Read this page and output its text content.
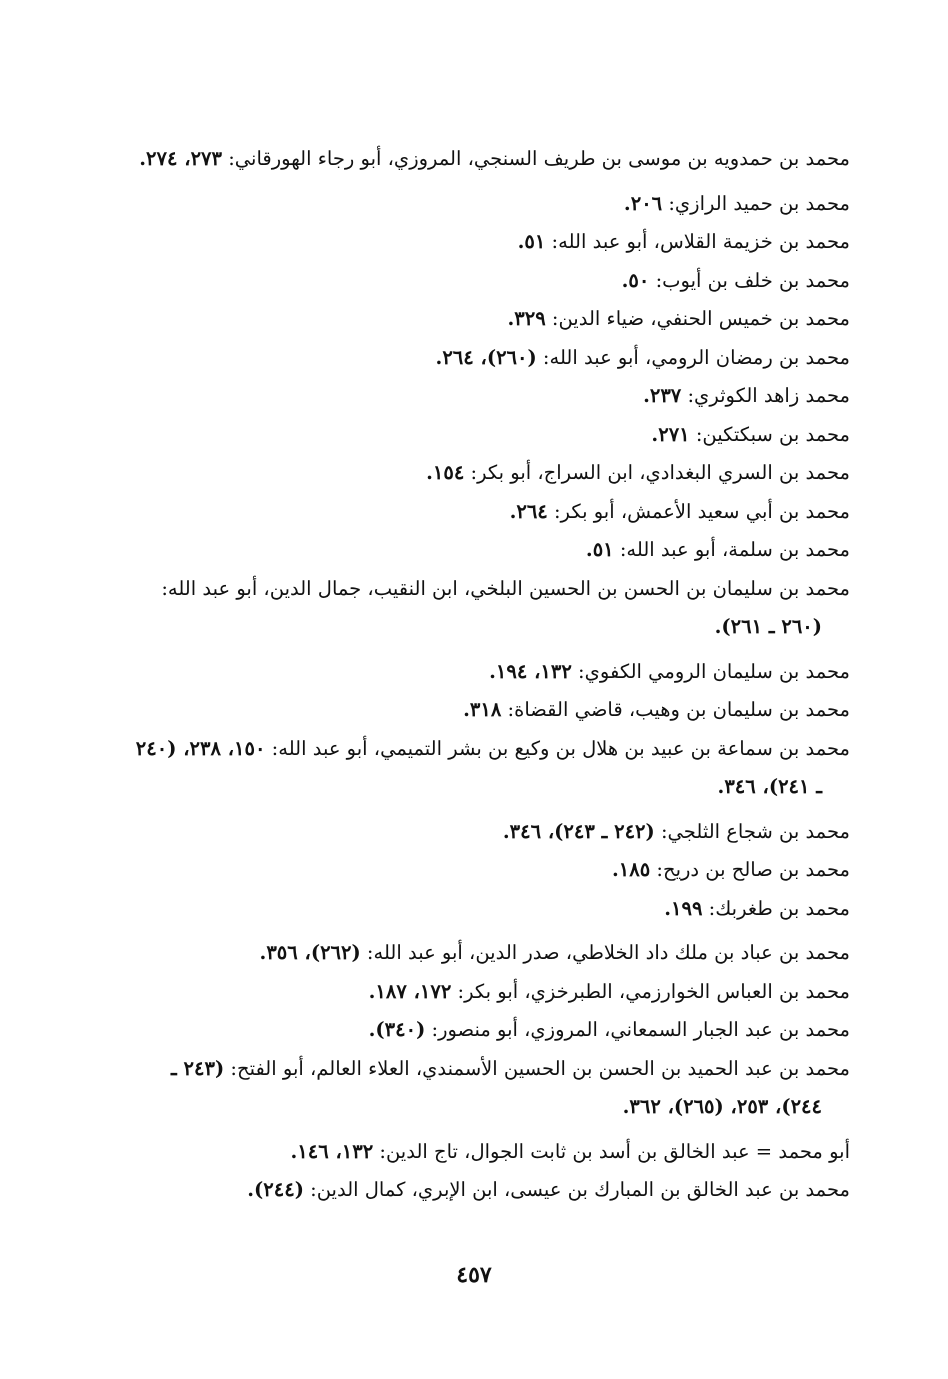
محمد بن حمدويه بن موسى بن طريف السنجي، المروزي، أبو رجاء الهورقاني: ٢٧٣، ٢٧٤.

محمد بن حميد الرازي: ٢٠٦.

محمد بن خزيمة القلاس، أبو عبد الله: ٥١.

محمد بن خلف بن أيوب: ٥٠.

محمد بن خميس الحنفي، ضياء الدين: ٣٢٩.

محمد بن رمضان الرومي، أبو عبد الله: (٢٦٠)، ٢٦٤.

محمد زاهد الكوثري: ٢٣٧.

محمد بن سبكتكين: ٢٧١.

محمد بن السري البغدادي، ابن السراج، أبو بكر: ١٥٤.

محمد بن أبي سعيد الأعمش، أبو بكر: ٢٦٤.

محمد بن سلمة، أبو عبد الله: ٥١.

محمد بن سليمان بن الحسن بن الحسين البلخي، ابن النقيب، جمال الدين، أبو عبد الله: (٢٦٠ ـ ٢٦١).

محمد بن سليمان الرومي الكفوي: ١٣٢، ١٩٤.

محمد بن سليمان بن وهيب، قاضي القضاة: ٣١٨.

محمد بن سماعة بن عبيد بن هلال بن وكيع بن بشر التميمي، أبو عبد الله: ١٥٠، ٢٣٨، (٢٤٠ ـ ٢٤١)، ٣٤٦.

محمد بن شجاع الثلجي: (٢٤٢ ـ ٢٤٣)، ٣٤٦.

محمد بن صالح بن دريح: ١٨٥.

محمد بن طغربك: ١٩٩.

محمد بن عباد بن ملك داد الخلاطي، صدر الدين، أبو عبد الله: (٢٦٢)، ٣٥٦.

محمد بن العباس الخوارزمي، الطبرخزي، أبو بكر: ١٧٢، ١٨٧.

محمد بن عبد الجبار السمعاني، المروزي، أبو منصور: (٣٤٠).

محمد بن عبد الحميد بن الحسن بن الحسين الأسمندي، العلاء العالم، أبو الفتح: (٢٤٣ ـ ٢٤٤)، ٢٥٣، (٢٦٥)، ٣٦٢.

أبو محمد = عبد الخالق بن أسد بن ثابت الجوال، تاج الدين: ١٣٢، ١٤٦.

محمد بن عبد الخالق بن المبارك بن عيسى، ابن الإبري، كمال الدين: (٢٤٤).

٤٥٧
